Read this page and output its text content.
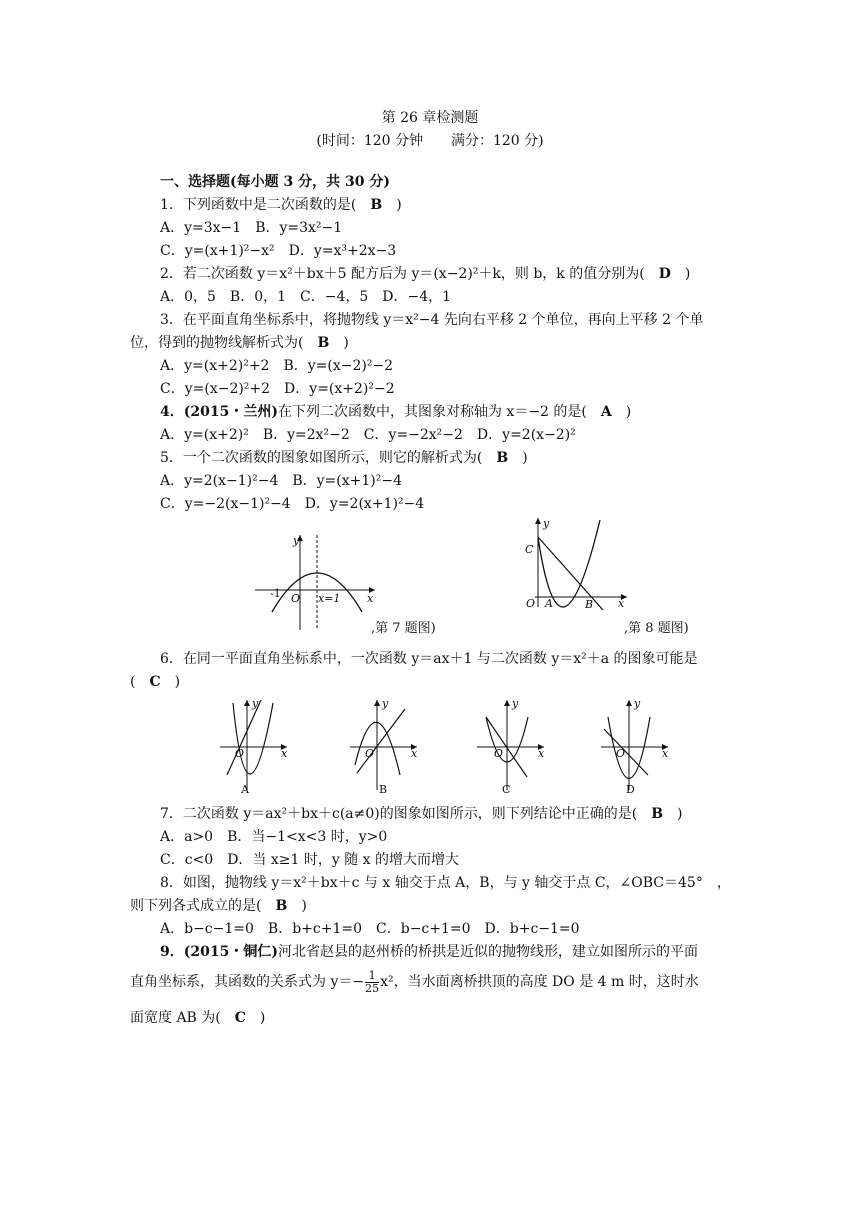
第 26 章检测题
(时间：120 分钟　　满分：120 分)
一、选择题(每小题 3 分，共 30 分)
1．下列函数中是二次函数的是(　 B　 )
A．y=3x−1　B．y=3x²−1
C．y=(x+1)²−x²　D．y=x³+2x−3
2．若二次函数 y＝x²＋bx＋5 配方后为 y＝(x−2)²＋k，则 b，k 的值分别为(　 D　 )
A．0，5　B．0，1　C．−4，5　D．−4，1
3．在平面直角坐标系中，将抛物线 y＝x²−4 先向右平移 2 个单位，再向上平移 2 个单
位，得到的抛物线解析式为(　 B　 )
A．y=(x+2)²+2　B．y=(x−2)²−2
C．y=(x−2)²+2　D．y=(x+2)²−2
4．(2015・兰州)在下列二次函数中，其图象对称轴为 x＝−2 的是(　 A　 )
A．y=(x+2)²　B．y=2x²−2　C．y=−2x²−2　D．y=2(x−2)²
5．一个二次函数的图象如图所示，则它的解析式为(　 B　 )
A．y=2(x−1)²−4　B．y=(x+1)²−4
C．y=−2(x−1)²−4　D．y=2(x+1)²−4
y
x
O
-1	x=1
,第 7 题图)
y
x
O A	B
C
,第 8 题图)
6．在同一平面直角坐标系中，一次函数 y＝ax＋1 与二次函数 y＝x²＋a 的图象可能是
(　 C　 )
y
x
O
A
y
x
O
B
y
x
O
C
y
x
O
D
7．二次函数 y＝ax²＋bx＋c(a≠0)的图象如图所示，则下列结论中正确的是(　 B　 )
A．a>0　B．当−1<x<3 时，y>0
C．c<0　D．当 x≥1 时，y 随 x 的增大而增大
8．如图，抛物线 y＝x²＋bx＋c 与 x 轴交于点 A，B，与 y 轴交于点 C，∠OBC＝45°　，
则下列各式成立的是(　 B　 )
A．b−c−1=0　B．b+c+1=0　C．b−c+1=0　D．b+c−1=0
9．(2015・铜仁)河北省赵县的赵州桥的桥拱是近似的抛物线形，建立如图所示的平面
直角坐标系，其函数的关系式为 $y=- \frac{1}{25} x^2$，当水面离桥拱顶的高度 DO 是 4 m 时，这时水
面宽度 AB 为(　 C　 )
